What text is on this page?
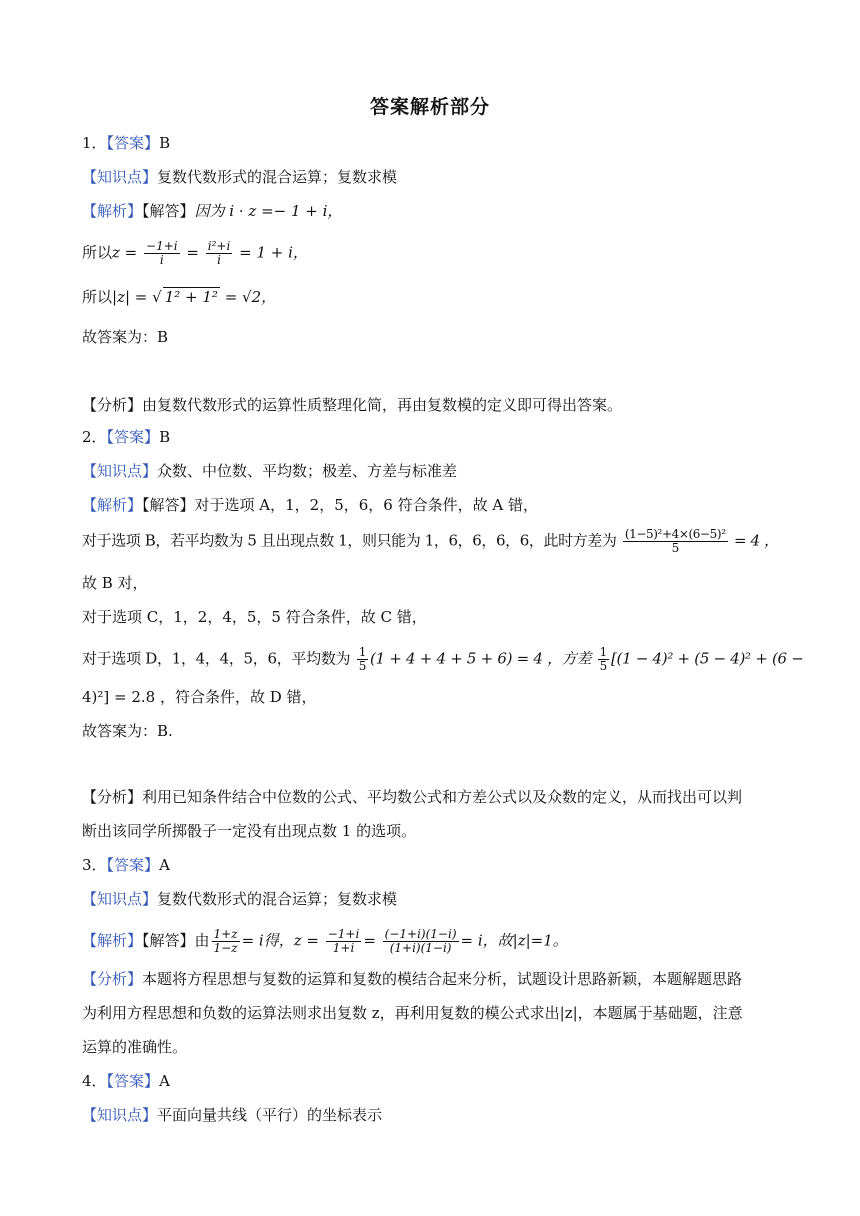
答案解析部分
1．【答案】B
【知识点】复数代数形式的混合运算；复数求模
【解析】【解答】因为 i · z =− 1 + i，
所以$z = \frac{-1+i}{i} = \frac{\text{i²+i}}{i} = 1 + i$，
所以|z| = √ 1² + 1² = √2，
故答案为：B
【分析】由复数代数形式的运算性质整理化简，再由复数模的定义即可得出答案。
2．【答案】B
【知识点】众数、中位数、平均数；极差、方差与标准差
【解析】【解答】对于选项 A，1，2，5，6，6 符合条件，故 A 错，
对于选项 B，若平均数为 5 且出现点数 1，则只能为 1，6，6，6，6，此时方差为 $\frac{\text{(1−5)²+4×(6−5)²}}{5} = 4$ ，
故 B 对，
对于选项 C，1，2，4，5，5 符合条件，故 C 错，
对于选项 D，1，4，4，5，6，平均数为 $\frac{1}{5} (1 + 4 + 4 + 5 + 6) = 4$ ，方差 $\frac{1}{5} [(1 - 4)^2 + (5 - 4)^2 + (6$ −
4)²] = 2.8 ，符合条件，故 D 错，
故答案为：B.
【分析】利用已知条件结合中位数的公式、平均数公式和方差公式以及众数的定义，从而找出可以判
断出该同学所掷骰子一定没有出现点数 1 的选项。
3．【答案】A
【知识点】复数代数形式的混合运算；复数求模
【解析】【解答】由 $\frac{1+z}{1-z} = i$得，$z = \frac{-1+i}{1+i} = \frac{(-1+i)(1-i)}{(1+i)(1-i)} = i$，故|z|=1。
【分析】本题将方程思想与复数的运算和复数的模结合起来分析，试题设计思路新颖，本题解题思路
为利用方程思想和负数的运算法则求出复数 z，再利用复数的模公式求出|z|，本题属于基础题，注意
运算的准确性。
4．【答案】A
【知识点】平面向量共线（平行）的坐标表示
